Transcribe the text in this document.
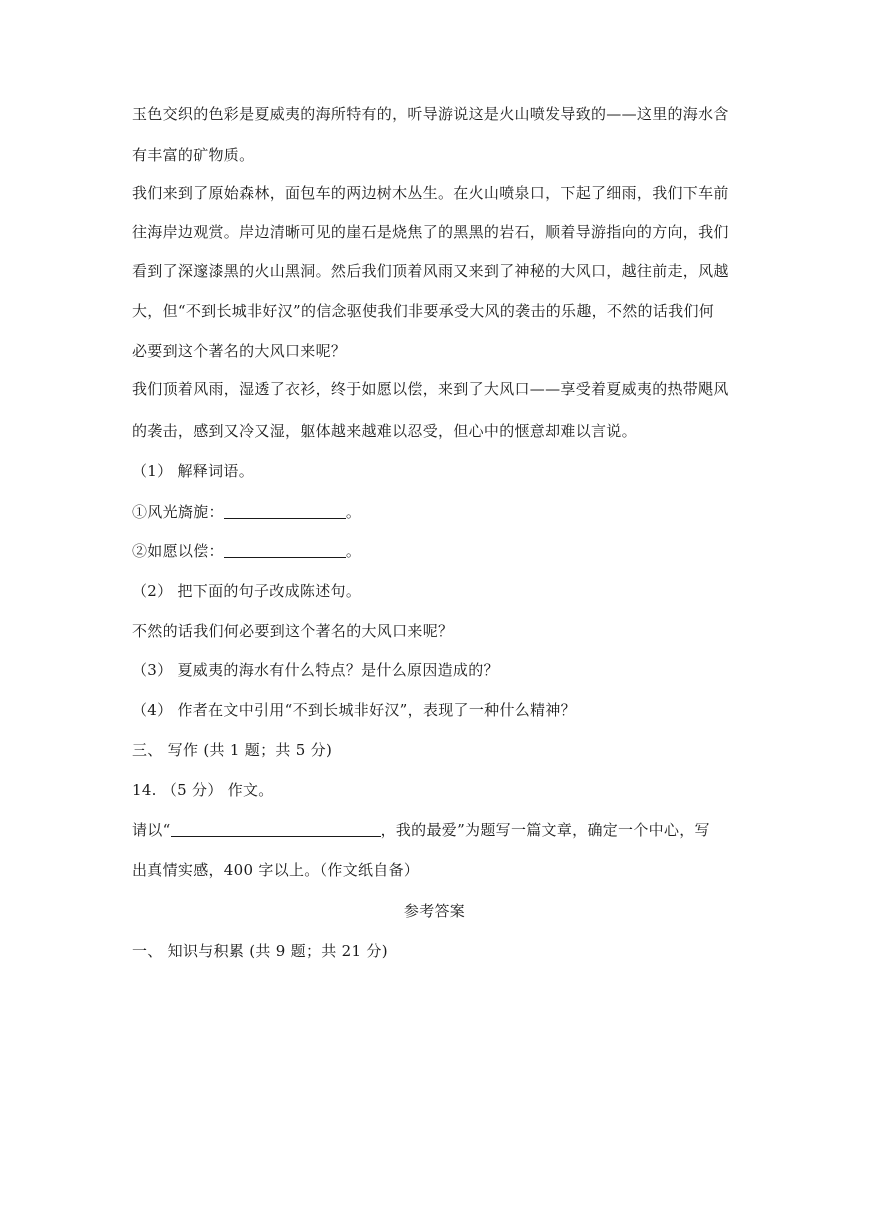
玉色交织的色彩是夏威夷的海所特有的，听导游说这是火山喷发导致的——这里的海水含
有丰富的矿物质。
我们来到了原始森林，面包车的两边树木丛生。在火山喷泉口，下起了细雨，我们下车前
往海岸边观赏。岸边清晰可见的崖石是烧焦了的黑黑的岩石，顺着导游指向的方向，我们
看到了深邃漆黑的火山黑洞。然后我们顶着风雨又来到了神秘的大风口，越往前走，风越
大，但“不到长城非好汉”的信念驱使我们非要承受大风的袭击的乐趣，不然的话我们何
必要到这个著名的大风口来呢？
我们顶着风雨，湿透了衣衫，终于如愿以偿，来到了大风口——享受着夏威夷的热带飓风
的袭击，感到又冷又湿，躯体越来越难以忍受，但心中的惬意却难以言说。
（1） 解释词语。
①风光旖旎：	。
②如愿以偿：	。
（2） 把下面的句子改成陈述句。
不然的话我们何必要到这个著名的大风口来呢？
（3） 夏威夷的海水有什么特点？是什么原因造成的？
（4） 作者在文中引用“不到长城非好汉”，表现了一种什么精神？
三、 写作 (共 1 题；共 5 分)
14. （5 分） 作文。
请以“	，我的最爱”为题写一篇文章，确定一个中心，写
出真情实感，400 字以上。（作文纸自备）
参考答案
一、 知识与积累 (共 9 题；共 21 分)
